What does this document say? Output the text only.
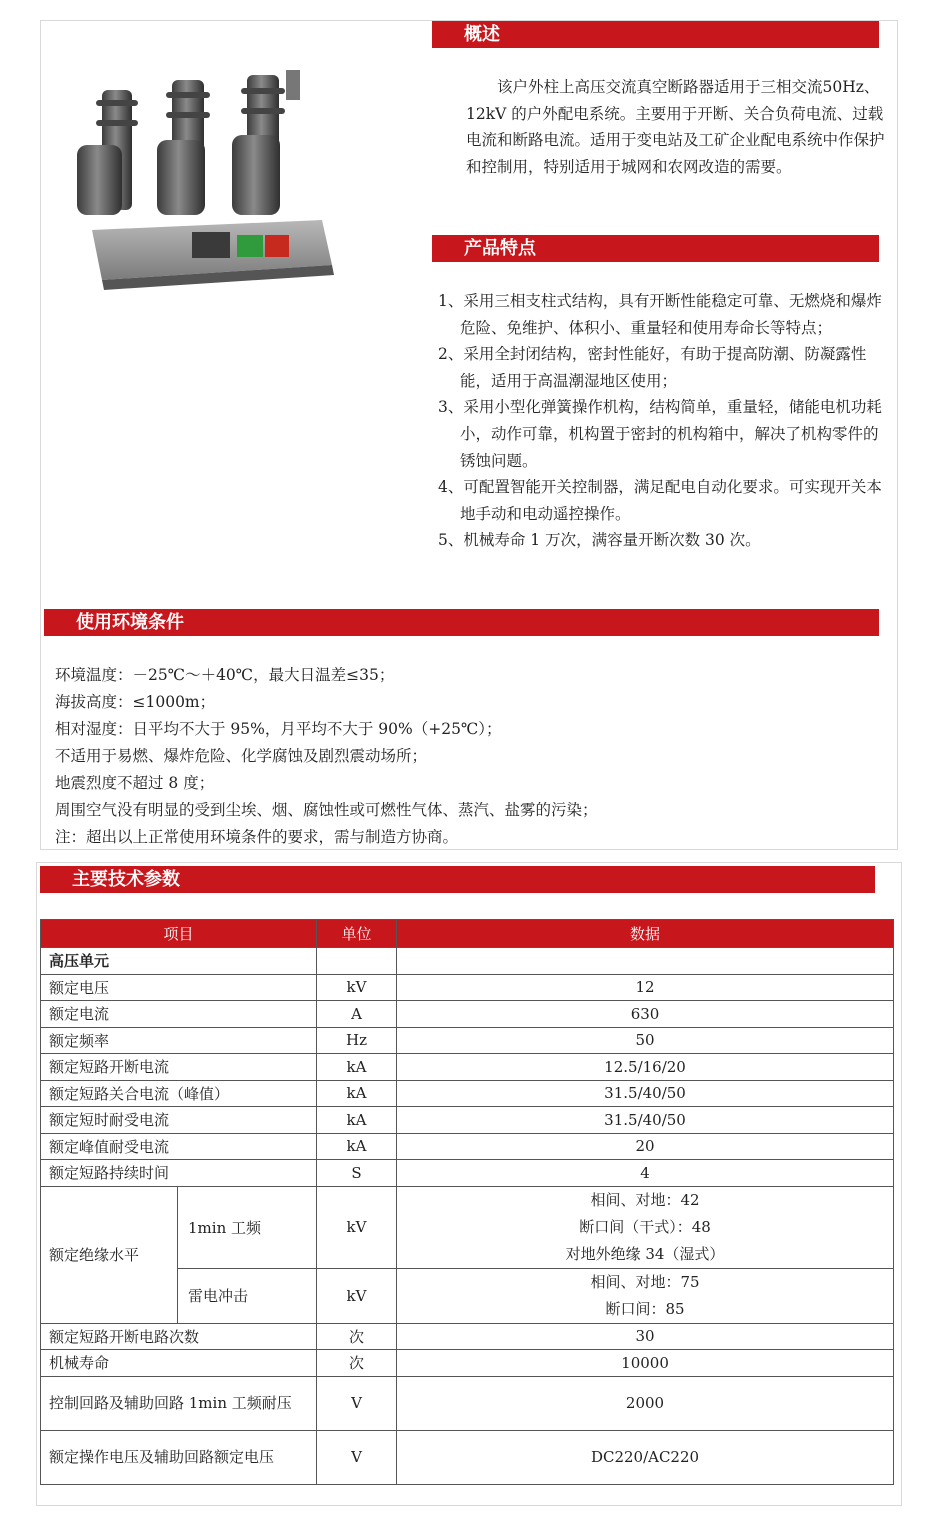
概述
该户外柱上高压交流真空断路器适用于三相交流50Hz、12kV 的户外配电系统。主要用于开断、关合负荷电流、过载电流和断路电流。适用于变电站及工矿企业配电系统中作保护和控制用，特别适用于城网和农网改造的需要。
产品特点
1、采用三相支柱式结构，具有开断性能稳定可靠、无燃烧和爆炸危险、免维护、体积小、重量轻和使用寿命长等特点；
2、采用全封闭结构，密封性能好，有助于提高防潮、防凝露性能，适用于高温潮湿地区使用；
3、采用小型化弹簧操作机构，结构简单，重量轻，储能电机功耗小，动作可靠，机构置于密封的机构箱中，解决了机构零件的锈蚀问题。
4、可配置智能开关控制器，满足配电自动化要求。可实现开关本地手动和电动遥控操作。
5、机械寿命 1 万次，满容量开断次数 30 次。
使用环境条件
环境温度：－25℃～＋40℃，最大日温差≤35；
海拔高度：≤1000m；
相对湿度：日平均不大于 95%，月平均不大于 90%（+25℃）；
不适用于易燃、爆炸危险、化学腐蚀及剧烈震动场所；
地震烈度不超过 8 度；
周围空气没有明显的受到尘埃、烟、腐蚀性或可燃性气体、蒸汽、盐雾的污染；
注：超出以上正常使用环境条件的要求，需与制造方协商。
主要技术参数
项目		单位	数据
高压单元			
额定电压		kV	12
额定电流		A	630
额定频率		Hz	50
额定短路开断电流		kA	12.5/16/20
额定短路关合电流（峰值）		kA	31.5/40/50
额定短时耐受电流		kA	31.5/40/50
额定峰值耐受电流		kA	20
额定短路持续时间		S	4
额定绝缘水平	1min 工频	kV	相间、对地：42
断口间（干式）：48
对地外绝缘 34（湿式）

	雷电冲击	kV	相间、对地：75
断口间：85

额定短路开断电路次数		次	30
机械寿命		次	10000
控制回路及辅助回路 1min 工频耐压		V	2000
额定操作电压及辅助回路额定电压		V	DC220/AC220
